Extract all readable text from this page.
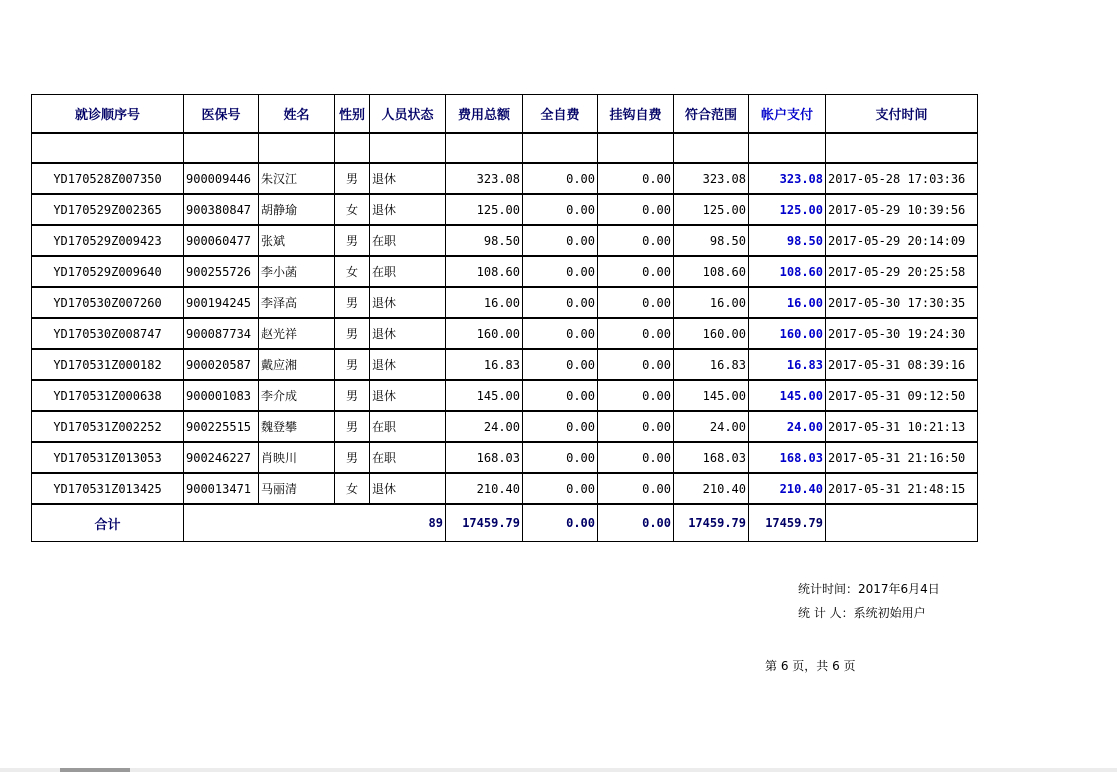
就诊顺序号	医保号	姓名	性别	人员状态	费用总额	全自费	挂钩自费	符合范围	帐户支付	支付时间

YD170528Z007350	900009446	朱汉江	男	退休	323.08	0.00	0.00	323.08	323.08	2017-05-28 17:03:36
YD170529Z002365	900380847	胡静瑜	女	退休	125.00	0.00	0.00	125.00	125.00	2017-05-29 10:39:56
YD170529Z009423	900060477	张斌	男	在职	98.50	0.00	0.00	98.50	98.50	2017-05-29 20:14:09
YD170529Z009640	900255726	李小菡	女	在职	108.60	0.00	0.00	108.60	108.60	2017-05-29 20:25:58
YD170530Z007260	900194245	李泽高	男	退休	16.00	0.00	0.00	16.00	16.00	2017-05-30 17:30:35
YD170530Z008747	900087734	赵光祥	男	退休	160.00	0.00	0.00	160.00	160.00	2017-05-30 19:24:30
YD170531Z000182	900020587	戴应湘	男	退休	16.83	0.00	0.00	16.83	16.83	2017-05-31 08:39:16
YD170531Z000638	900001083	李介成	男	退休	145.00	0.00	0.00	145.00	145.00	2017-05-31 09:12:50
YD170531Z002252	900225515	魏登攀	男	在职	24.00	0.00	0.00	24.00	24.00	2017-05-31 10:21:13
YD170531Z013053	900246227	肖映川	男	在职	168.03	0.00	0.00	168.03	168.03	2017-05-31 21:16:50
YD170531Z013425	900013471	马丽清	女	退休	210.40	0.00	0.00	210.40	210.40	2017-05-31 21:48:15
合计	89				17459.79	0.00	0.00	17459.79	17459.79	
统计时间：2017年6月4日
统 计 人：系统初始用户
第 6 页，共 6 页
